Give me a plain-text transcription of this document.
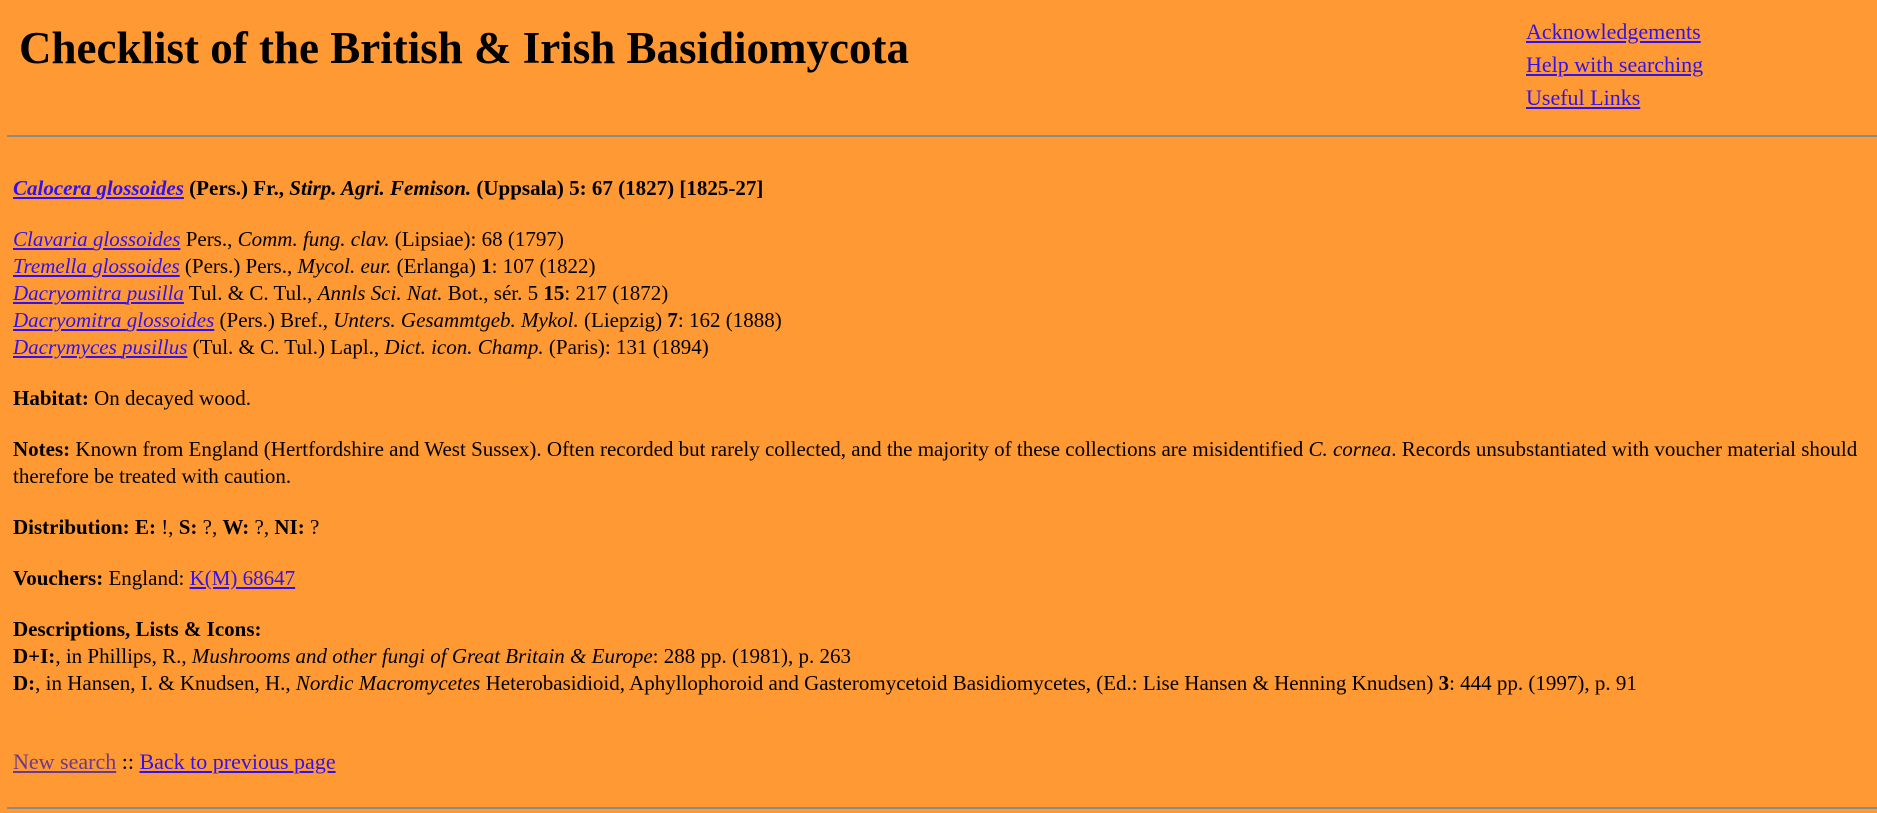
Checklist of the British & Irish Basidiomycota	Acknowledgements
Help with searching
Useful Links

Calocera glossoides (Pers.) Fr., Stirp. Agri. Femison. (Uppsala) 5: 67 (1827) [1825-27]

Clavaria glossoides Pers., Comm. fung. clav. (Lipsiae): 68 (1797)
Tremella glossoides (Pers.) Pers., Mycol. eur. (Erlanga) 1: 107 (1822)
Dacryomitra pusilla Tul. & C. Tul., Annls Sci. Nat. Bot., sér. 5 15: 217 (1872)
Dacryomitra glossoides (Pers.) Bref., Unters. Gesammtgeb. Mykol. (Liepzig) 7: 162 (1888)
Dacrymyces pusillus (Tul. & C. Tul.) Lapl., Dict. icon. Champ. (Paris): 131 (1894)

Habitat: On decayed wood.

Notes: Known from England (Hertfordshire and West Sussex). Often recorded but rarely collected, and the majority of these collections are misidentified C. cornea. Records unsubstantiated with voucher material should therefore be treated with caution.

Distribution: E: !, S: ?, W: ?, NI: ?

Vouchers: England: K(M) 68647

Descriptions, Lists & Icons:
D+I:, in Phillips, R., Mushrooms and other fungi of Great Britain & Europe: 288 pp. (1981), p. 263
D:, in Hansen, I. & Knudsen, H., Nordic Macromycetes Heterobasidioid, Aphyllophoroid and Gasteromycetoid Basidiomycetes, (Ed.: Lise Hansen & Henning Knudsen) 3: 444 pp. (1997), p. 91

New search :: Back to previous page
